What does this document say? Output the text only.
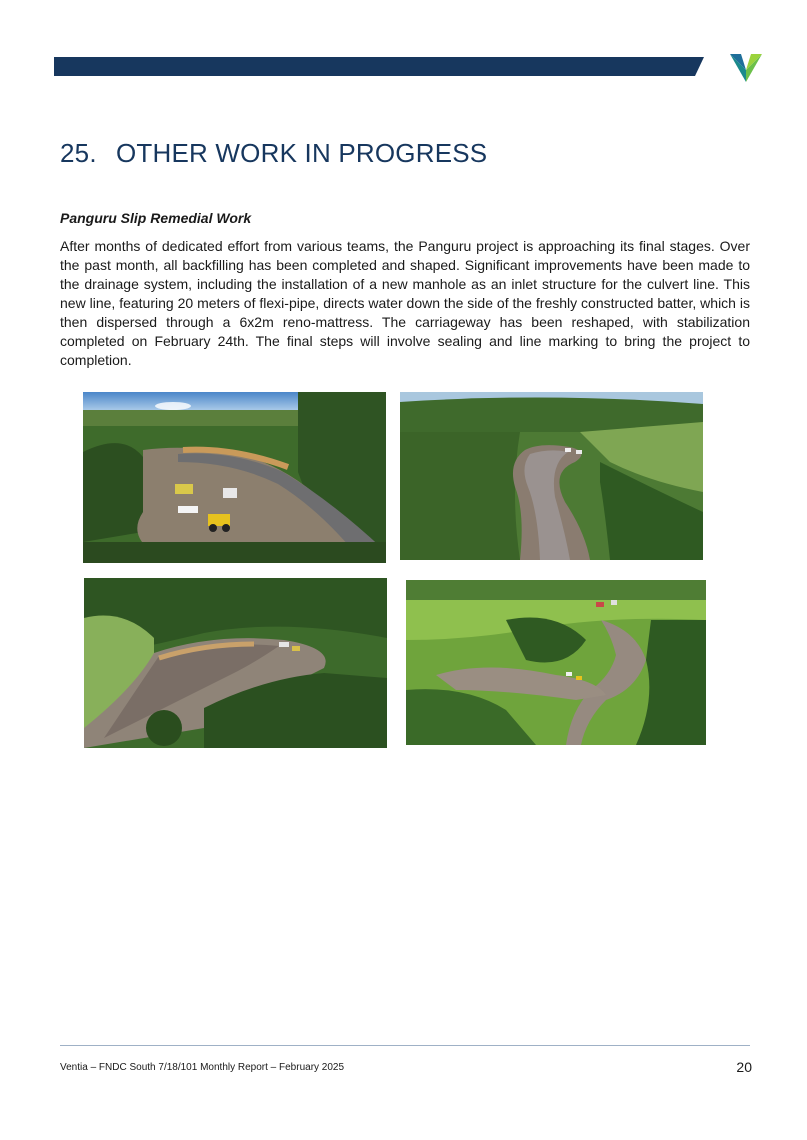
25. OTHER WORK IN PROGRESS
Panguru Slip Remedial Work
After months of dedicated effort from various teams, the Panguru project is approaching its final stages. Over the past month, all backfilling has been completed and shaped. Significant improvements have been made to the drainage system, including the installation of a new manhole as an inlet structure for the culvert line. This new line, featuring 20 meters of flexi-pipe, directs water down the side of the freshly constructed batter, which is then dispersed through a 6x2m reno-mattress. The carriageway has been reshaped, with stabilization completed on February 24th. The final steps will involve sealing and line marking to bring the project to completion.
Ventia – FNDC South 7/18/101 Monthly Report – February 2025	20
